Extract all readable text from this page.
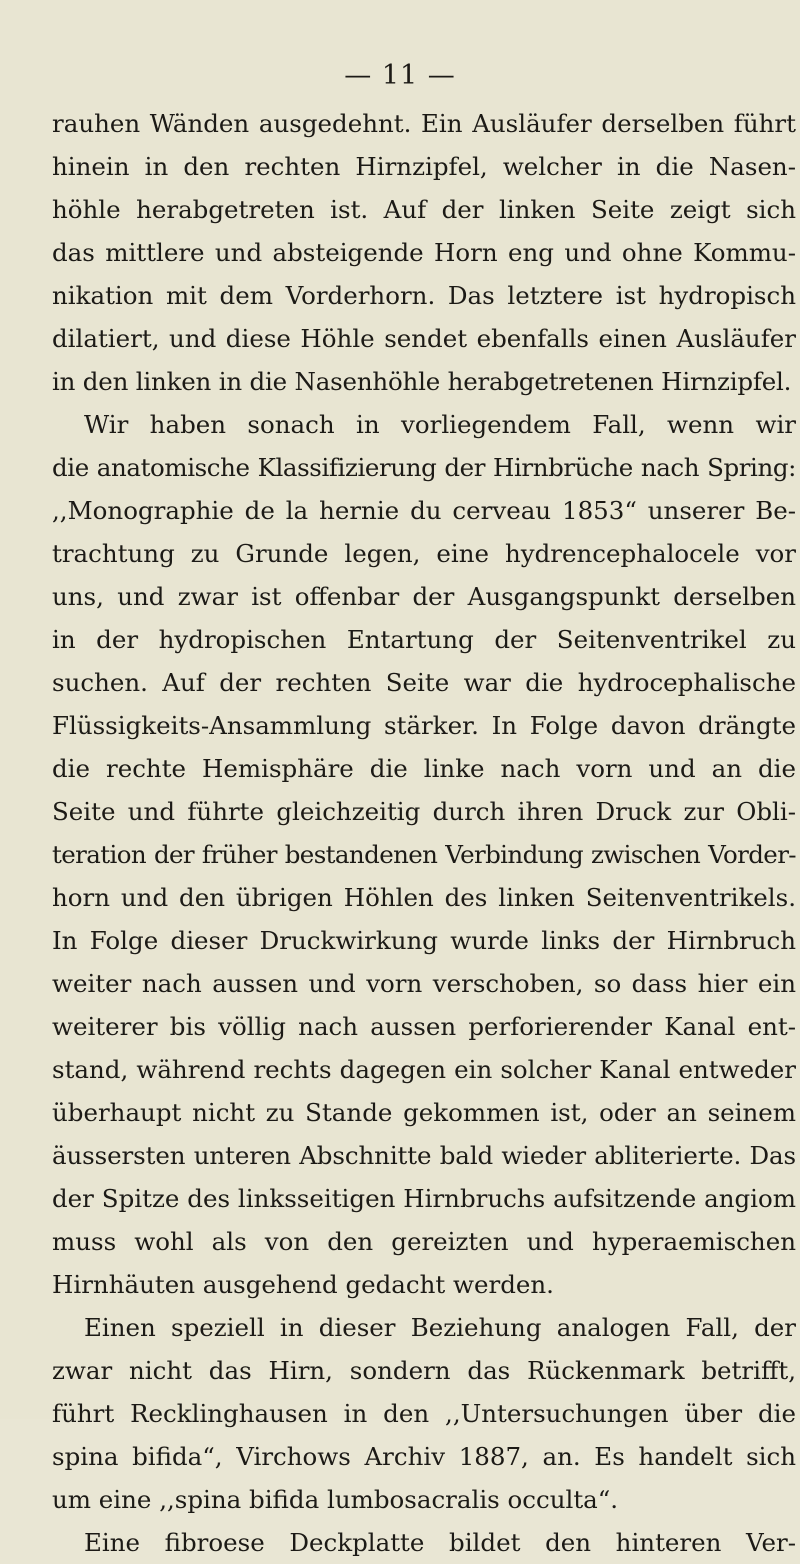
— 11 —
rauhen Wänden ausgedehnt. Ein Ausläufer derselben führt
hinein in den rechten Hirnzipfel, welcher in die Nasen-
höhle herabgetreten ist. Auf der linken Seite zeigt sich
das mittlere und absteigende Horn eng und ohne Kommu-
nikation mit dem Vorderhorn. Das letztere ist hydropisch
dilatiert, und diese Höhle sendet ebenfalls einen Ausläufer
in den linken in die Nasenhöhle herabgetretenen Hirnzipfel.
Wir haben sonach in vorliegendem Fall, wenn wir
die anatomische Klassifizierung der Hirnbrüche nach Spring:
,,Monographie de la hernie du cerveau 1853“ unserer Be-
trachtung zu Grunde legen, eine hydrencephalocele vor
uns, und zwar ist offenbar der Ausgangspunkt derselben
in der hydropischen Entartung der Seitenventrikel zu
suchen. Auf der rechten Seite war die hydrocephalische
Flüssigkeits-Ansammlung stärker. In Folge davon drängte
die rechte Hemisphäre die linke nach vorn und an die
Seite und führte gleichzeitig durch ihren Druck zur Obli-
teration der früher bestandenen Verbindung zwischen Vorder-
horn und den übrigen Höhlen des linken Seitenventrikels.
In Folge dieser Druckwirkung wurde links der Hirnbruch
weiter nach aussen und vorn verschoben, so dass hier ein
weiterer bis völlig nach aussen perforierender Kanal ent-
stand, während rechts dagegen ein solcher Kanal entweder
überhaupt nicht zu Stande gekommen ist, oder an seinem
äussersten unteren Abschnitte bald wieder abliterierte. Das
der Spitze des linksseitigen Hirnbruchs aufsitzende angiom
muss wohl als von den gereizten und hyperaemischen
Hirnhäuten ausgehend gedacht werden.
Einen speziell in dieser Beziehung analogen Fall, der
zwar nicht das Hirn, sondern das Rückenmark betrifft,
führt Recklinghausen in den ,,Untersuchungen über die
spina bifida“, Virchows Archiv 1887, an. Es handelt sich
um eine ,,spina bifida lumbosacralis occulta“.
Eine fibroese Deckplatte bildet den hinteren Ver-
